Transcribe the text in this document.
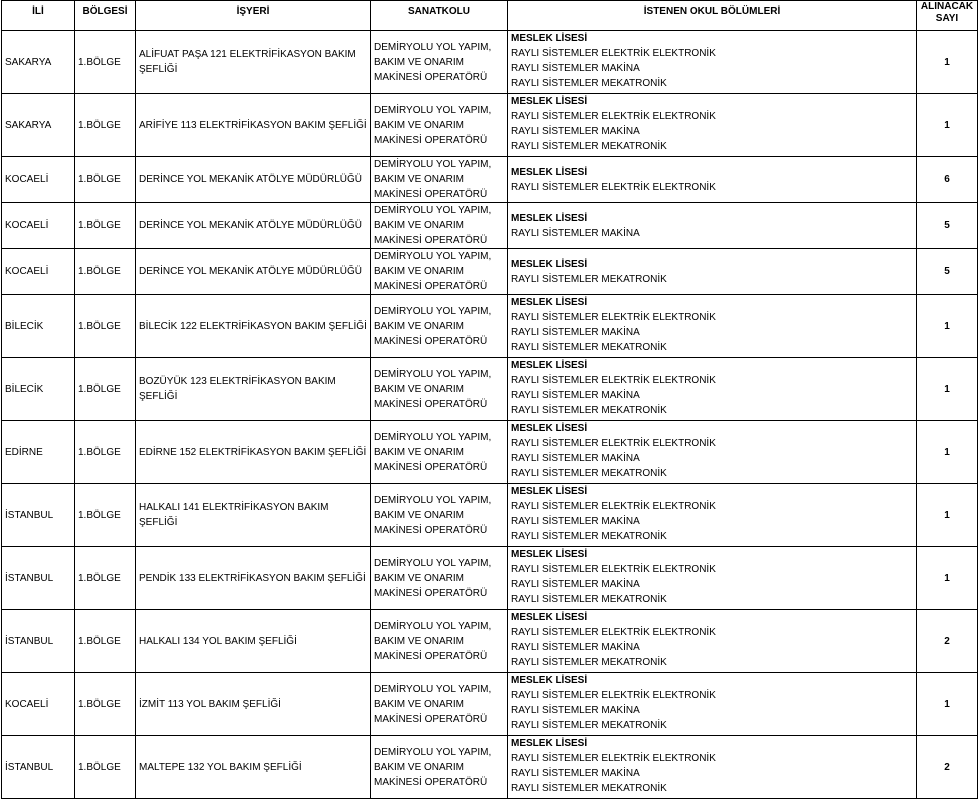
İLİ	BÖLGESİ	İŞYERİ	SANATKOLU	İSTENEN OKUL BÖLÜMLERİ	ALINACAK SAYI
SAKARYA	1.BÖLGE	ALİFUAT PAŞA 121 ELEKTRİFİKASYON BAKIM ŞEFLİĞİ	DEMİRYOLU YOL YAPIM,
BAKIM VE ONARIM
MAKİNESİ OPERATÖRÜ	MESLEK LİSESİ
RAYLI SİSTEMLER ELEKTRİK ELEKTRONİK
RAYLI SİSTEMLER MAKİNA
RAYLI SİSTEMLER MEKATRONİK	1
SAKARYA	1.BÖLGE	ARİFİYE 113 ELEKTRİFİKASYON BAKIM ŞEFLİĞİ	DEMİRYOLU YOL YAPIM,
BAKIM VE ONARIM
MAKİNESİ OPERATÖRÜ	MESLEK LİSESİ
RAYLI SİSTEMLER ELEKTRİK ELEKTRONİK
RAYLI SİSTEMLER MAKİNA
RAYLI SİSTEMLER MEKATRONİK	1
KOCAELİ	1.BÖLGE	DERİNCE YOL MEKANİK ATÖLYE MÜDÜRLÜĞÜ	DEMİRYOLU YOL YAPIM,
BAKIM VE ONARIM
MAKİNESİ OPERATÖRÜ	MESLEK LİSESİ
RAYLI SİSTEMLER ELEKTRİK ELEKTRONİK	6
KOCAELİ	1.BÖLGE	DERİNCE YOL MEKANİK ATÖLYE MÜDÜRLÜĞÜ	DEMİRYOLU YOL YAPIM,
BAKIM VE ONARIM
MAKİNESİ OPERATÖRÜ	MESLEK LİSESİ
RAYLI SİSTEMLER MAKİNA	5
KOCAELİ	1.BÖLGE	DERİNCE YOL MEKANİK ATÖLYE MÜDÜRLÜĞÜ	DEMİRYOLU YOL YAPIM,
BAKIM VE ONARIM
MAKİNESİ OPERATÖRÜ	MESLEK LİSESİ
RAYLI SİSTEMLER MEKATRONİK	5
BİLECİK	1.BÖLGE	BİLECİK 122 ELEKTRİFİKASYON BAKIM ŞEFLİĞİ	DEMİRYOLU YOL YAPIM,
BAKIM VE ONARIM
MAKİNESİ OPERATÖRÜ	MESLEK LİSESİ
RAYLI SİSTEMLER ELEKTRİK ELEKTRONİK
RAYLI SİSTEMLER MAKİNA
RAYLI SİSTEMLER MEKATRONİK	1
BİLECİK	1.BÖLGE	BOZÜYÜK 123 ELEKTRİFİKASYON BAKIM ŞEFLİĞİ	DEMİRYOLU YOL YAPIM,
BAKIM VE ONARIM
MAKİNESİ OPERATÖRÜ	MESLEK LİSESİ
RAYLI SİSTEMLER ELEKTRİK ELEKTRONİK
RAYLI SİSTEMLER MAKİNA
RAYLI SİSTEMLER MEKATRONİK	1
EDİRNE	1.BÖLGE	EDİRNE 152 ELEKTRİFİKASYON BAKIM ŞEFLİĞİ	DEMİRYOLU YOL YAPIM,
BAKIM VE ONARIM
MAKİNESİ OPERATÖRÜ	MESLEK LİSESİ
RAYLI SİSTEMLER ELEKTRİK ELEKTRONİK
RAYLI SİSTEMLER MAKİNA
RAYLI SİSTEMLER MEKATRONİK	1
İSTANBUL	1.BÖLGE	HALKALI 141 ELEKTRİFİKASYON BAKIM ŞEFLİĞİ	DEMİRYOLU YOL YAPIM,
BAKIM VE ONARIM
MAKİNESİ OPERATÖRÜ	MESLEK LİSESİ
RAYLI SİSTEMLER ELEKTRİK ELEKTRONİK
RAYLI SİSTEMLER MAKİNA
RAYLI SİSTEMLER MEKATRONİK	1
İSTANBUL	1.BÖLGE	PENDİK 133 ELEKTRİFİKASYON BAKIM ŞEFLİĞİ	DEMİRYOLU YOL YAPIM,
BAKIM VE ONARIM
MAKİNESİ OPERATÖRÜ	MESLEK LİSESİ
RAYLI SİSTEMLER ELEKTRİK ELEKTRONİK
RAYLI SİSTEMLER MAKİNA
RAYLI SİSTEMLER MEKATRONİK	1
İSTANBUL	1.BÖLGE	HALKALI 134 YOL BAKIM ŞEFLİĞİ	DEMİRYOLU YOL YAPIM,
BAKIM VE ONARIM
MAKİNESİ OPERATÖRÜ	MESLEK LİSESİ
RAYLI SİSTEMLER ELEKTRİK ELEKTRONİK
RAYLI SİSTEMLER MAKİNA
RAYLI SİSTEMLER MEKATRONİK	2
KOCAELİ	1.BÖLGE	İZMİT 113 YOL BAKIM ŞEFLİĞİ	DEMİRYOLU YOL YAPIM,
BAKIM VE ONARIM
MAKİNESİ OPERATÖRÜ	MESLEK LİSESİ
RAYLI SİSTEMLER ELEKTRİK ELEKTRONİK
RAYLI SİSTEMLER MAKİNA
RAYLI SİSTEMLER MEKATRONİK	1
İSTANBUL	1.BÖLGE	MALTEPE 132 YOL BAKIM ŞEFLİĞİ	DEMİRYOLU YOL YAPIM,
BAKIM VE ONARIM
MAKİNESİ OPERATÖRÜ	MESLEK LİSESİ
RAYLI SİSTEMLER ELEKTRİK ELEKTRONİK
RAYLI SİSTEMLER MAKİNA
RAYLI SİSTEMLER MEKATRONİK	2
